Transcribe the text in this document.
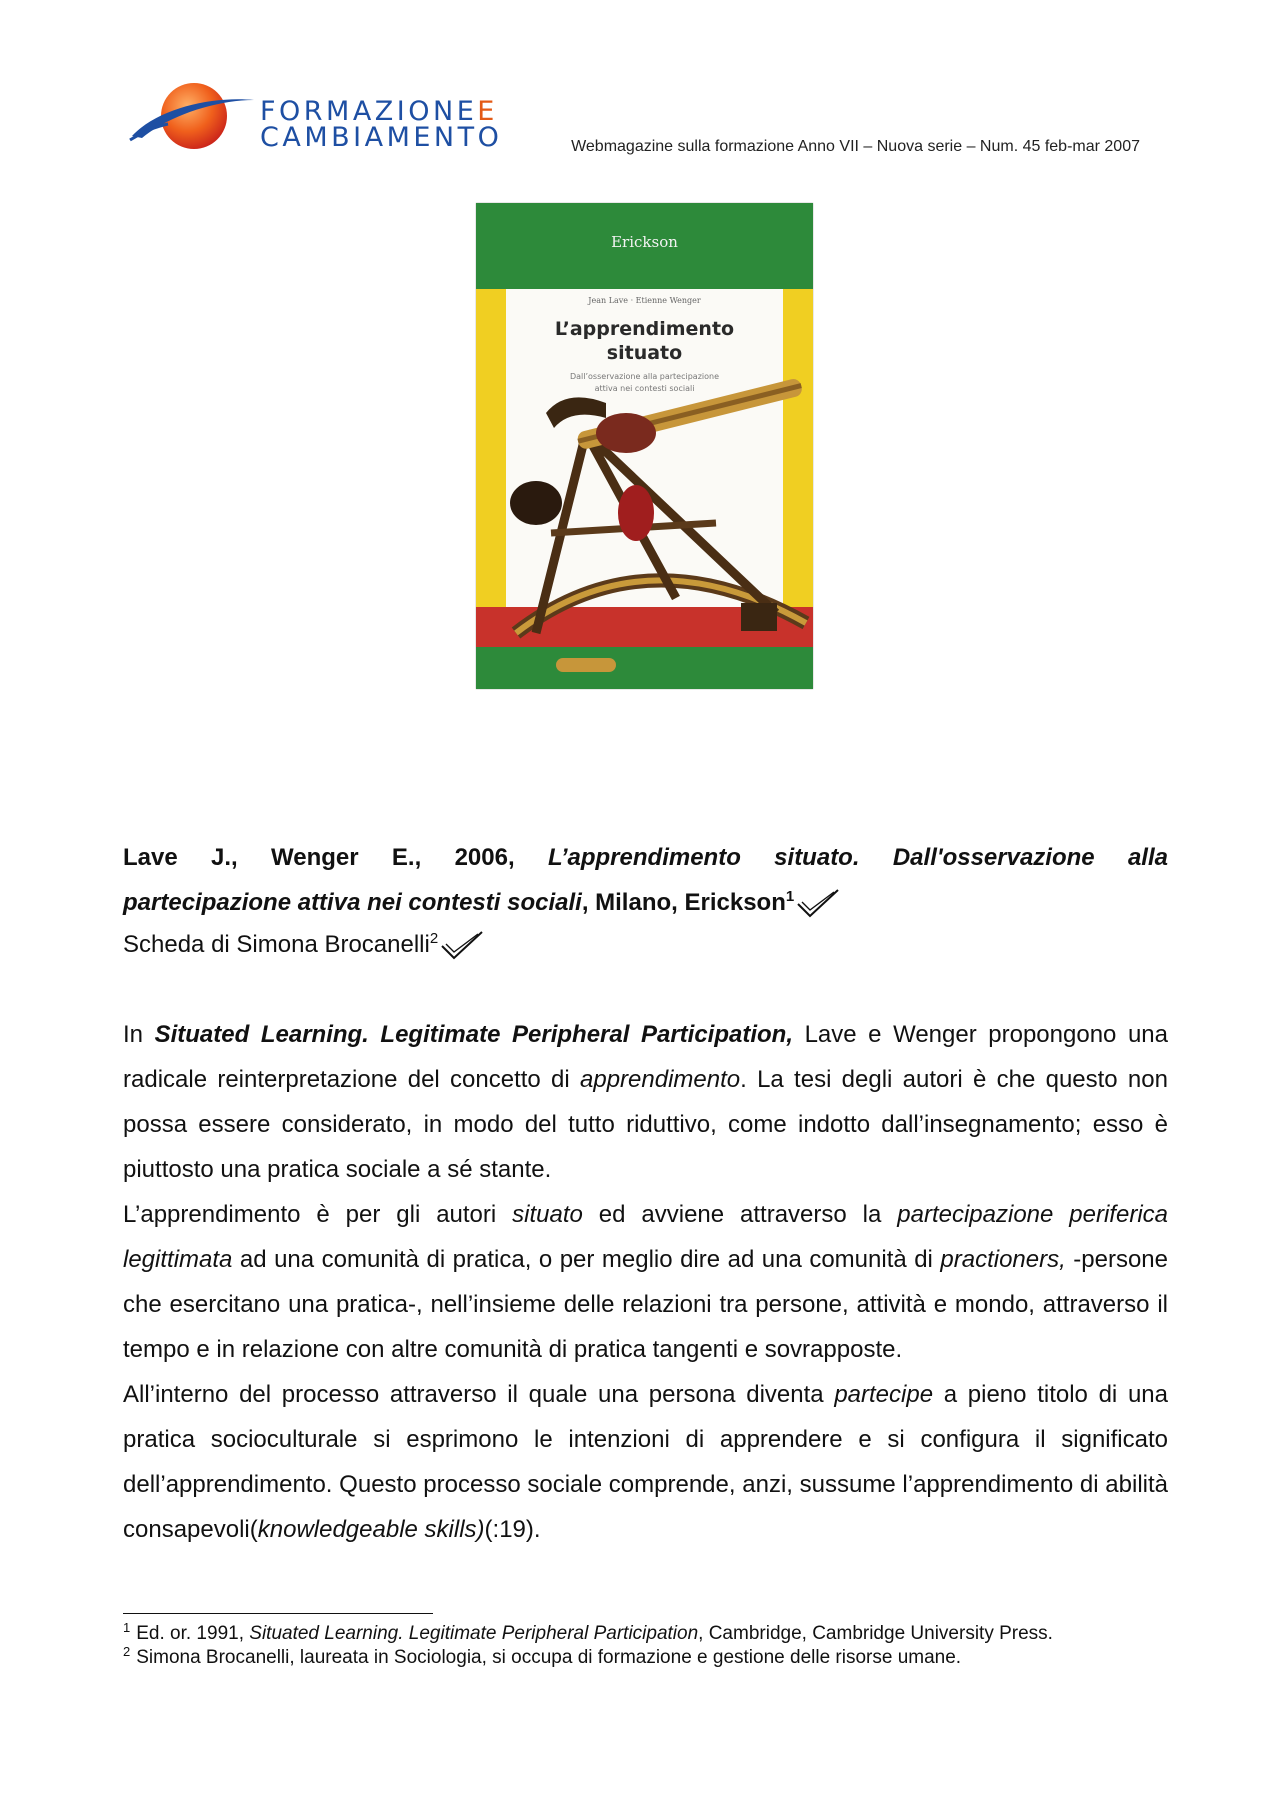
FORMAZIONEE
CAMBIAMENTO	Webmagazine sulla formazione Anno VII – Nuova serie – Num. 45 feb-mar 2007
Erickson
Jean Lave · Etienne Wenger
L’apprendimento
situato
Dall’osservazione alla partecipazione
attiva nei contesti sociali
Lave J., Wenger E., 2006, L’apprendimento situato. Dall'osservazione alla
partecipazione attiva nei contesti sociali, Milano, Erickson$^1$
Scheda di Simona Brocanelli$^2$

In Situated Learning. Legitimate Peripheral Participation, Lave e Wenger propongono una radicale reinterpretazione del concetto di apprendimento. La tesi degli autori è che questo non possa essere considerato, in modo del tutto riduttivo, come indotto dall’insegnamento; esso è piuttosto una pratica sociale a sé stante.

L’apprendimento è per gli autori situato ed avviene attraverso la partecipazione periferica legittimata ad una comunità di pratica, o per meglio dire ad una comunità di practioners, -persone che esercitano una pratica-, nell’insieme delle relazioni tra persone, attività e mondo, attraverso il tempo e in relazione con altre comunità di pratica tangenti e sovrapposte.

All’interno del processo attraverso il quale una persona diventa partecipe a pieno titolo di una pratica socioculturale si esprimono le intenzioni di apprendere e si configura il significato dell’apprendimento. Questo processo sociale comprende, anzi, sussume l’apprendimento di abilità consapevoli(knowledgeable skills)(:19).

$^1$ Ed. or. 1991, Situated Learning. Legitimate Peripheral Participation, Cambridge, Cambridge University Press.

$^2$ Simona Brocanelli, laureata in Sociologia, si occupa di formazione e gestione delle risorse umane.
